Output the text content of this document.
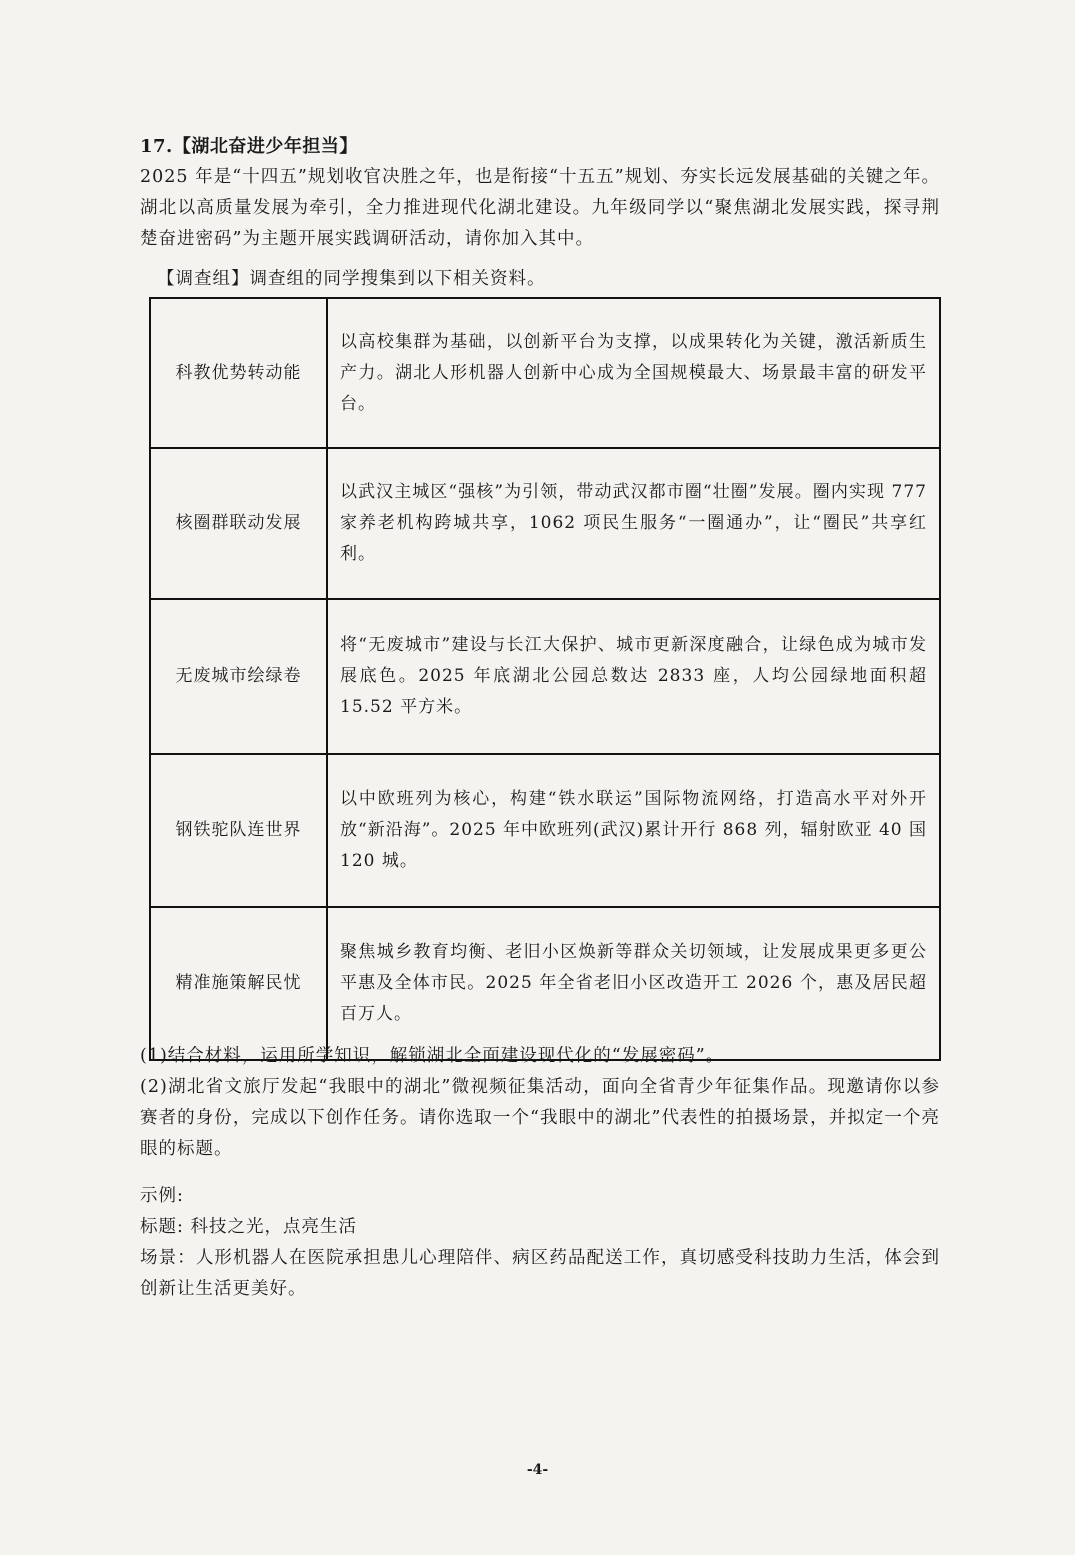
17.【湖北奋进少年担当】
2025 年是“十四五”规划收官决胜之年，也是衔接“十五五”规划、夯实长远发展基础的关键之年。湖北以高质量发展为牵引，全力推进现代化湖北建设。九年级同学以“聚焦湖北发展实践，探寻荆楚奋进密码”为主题开展实践调研活动，请你加入其中。
【调查组】调查组的同学搜集到以下相关资料。
科教优势转动能	以高校集群为基础，以创新平台为支撑，以成果转化为关键，激活新质生产力。湖北人形机器人创新中心成为全国规模最大、场景最丰富的研发平台。
核圈群联动发展	以武汉主城区“强核”为引领，带动武汉都市圈“壮圈”发展。圈内实现 777 家养老机构跨城共享，1062 项民生服务“一圈通办”，让“圈民”共享红利。
无废城市绘绿卷	将“无废城市”建设与长江大保护、城市更新深度融合，让绿色成为城市发展底色。2025 年底湖北公园总数达 2833 座，人均公园绿地面积超 15.52 平方米。
钢铁驼队连世界	以中欧班列为核心，构建“铁水联运”国际物流网络，打造高水平对外开放“新沿海”。2025 年中欧班列(武汉)累计开行 868 列，辐射欧亚 40 国 120 城。
精准施策解民忧	聚焦城乡教育均衡、老旧小区焕新等群众关切领域，让发展成果更多更公平惠及全体市民。2025 年全省老旧小区改造开工 2026 个，惠及居民超百万人。
(1)结合材料，运用所学知识，解锁湖北全面建设现代化的“发展密码”。
(2)湖北省文旅厅发起“我眼中的湖北”微视频征集活动，面向全省青少年征集作品。现邀请你以参赛者的身份，完成以下创作任务。请你选取一个“我眼中的湖北”代表性的拍摄场景，并拟定一个亮眼的标题。
示例:
标题: 科技之光，点亮生活
场景：人形机器人在医院承担患儿心理陪伴、病区药品配送工作，真切感受科技助力生活，体会到创新让生活更美好。
-4-
